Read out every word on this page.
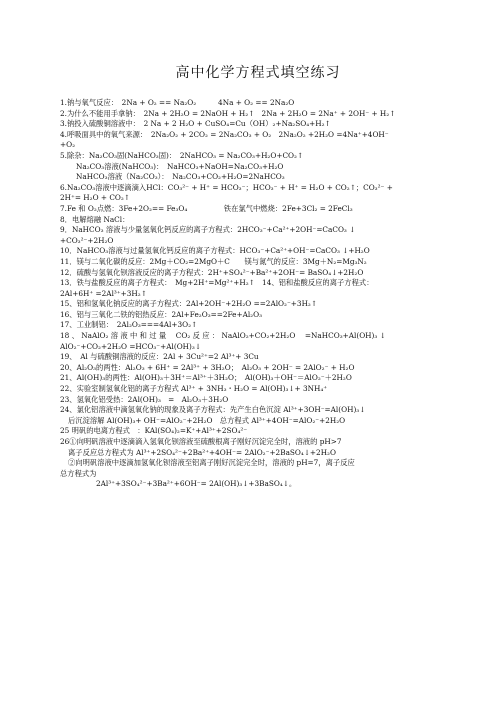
高中化学方程式填空练习
1.钠与氧气反应：　2Na + O₂ == Na₂O₂　　　4Na + O₂ == 2Na₂O
2.为什么不能用手拿钠：　2Na + 2H₂O = 2NaOH + H₂↑　2Na + 2H₂O = 2Na⁺ + 2OH⁻ + H₂↑
3.钠投入硫酸铜溶液中：　2 Na + 2 H₂O + CuSO₄=Cu（OH）₂+Na₂SO₄+H₂↑
4.呼吸面具中的氧气来源：　2Na₂O₂ + 2CO₂ = 2Na₂CO₃ + O₂　2Na₂O₂ +2H₂O =4Na⁺+4OH⁻
+O₂
5.除杂：Na₂CO₃固(NaHCO₃固)：　2NaHCO₃ = Na₂CO₃+H₂O+CO₂↑
Na₂CO₃溶液(NaHCO₃)：　NaHCO₃+NaOH=Na₂CO₃+H₂O
NaHCO₃溶液（Na₂CO₃）：　Na₂CO₃+CO₂+H₂O=2NaHCO₃
6.Na₂CO₃溶液中逐滴滴入HCl：CO₃²⁻ + H⁺ = HCO₃⁻；HCO₃⁻ + H⁺ = H₂O + CO₂↑；CO₃²⁻ +
2H⁺= H₂O + CO₂↑
7.Fe 和 O₂点燃：3Fe+2O₂== Fe₃O₄　　　　　铁在氯气中燃烧：2Fe+3Cl₂ = 2FeCl₃
8．电解熔融 NaCl：
9．NaHCO₃ 溶液与少量氢氧化钙反应的离子方程式：2HCO₃⁻+Ca²⁺+2OH⁻=CaCO₃ ↓
+CO₃²⁻+2H₂O
10．NaHCO₃溶液与过量氢氧化钙反应的离子方程式：HCO₃⁻+Ca²⁺+OH⁻=CaCO₃ ↓+H₂O
11．镁与二氧化碳的反应：2Mg＋CO₂=2MgO＋C　　镁与氮气的反应：3Mg＋N₂=Mg₃N₂
12．硫酸与氢氧化钡溶液反应的离子方程式：2H⁺+SO₄²⁻+Ba²⁺+2OH⁻= BaSO₄↓+2H₂O
13．铁与盐酸反应的离子方程式：　Mg+2H⁺=Mg²⁺+H₂↑　14、铝和盐酸反应的离子方程式：
2Al+6H⁺ =2Al³⁺+3H₂↑
15、铝和氢氧化钠反应的离子方程式：2Al+2OH⁻+2H₂O ==2AlO₂⁻+3H₂↑
16、铝与三氧化二铁的铝热反应：2Al+Fe₂O₃==2Fe+Al₂O₃
17、工业制铝：　2Al₂O₃===4Al+3O₂↑
18 、 NaAlO₂ 溶 液 中 和 过 量 　CO₂ 反 应 ： NaAlO₂+CO₂+2H₂O 　=NaHCO₃+Al(OH)₃ ↓
AlO₂⁻+CO₂+2H₂O =HCO₃⁻+Al(OH)₃↓
19、　Al 与硫酸铜溶液的反应：2Al + 3Cu²⁺=2 Al³⁺+ 3Cu
20、Al₂O₃的两性：Al₂O₃ + 6H⁺ = 2Al³⁺ + 3H₂O；　Al₂O₃ + 2OH⁻ = 2AlO₂⁻ + H₂O
21、Al(OH)₃的两性：Al(OH)₃＋3H⁺＝Al³⁺＋3H₂O；　Al(OH)₃＋OH⁻＝AlO₂⁻＋2H₂O
22、实验室制氢氧化铝的离子方程式 Al³⁺ + 3NH₃・H₂O = Al(OH)₃↓+ 3NH₄⁺
23、氢氧化铝受热：2Al(OH)₃　=　Al₂O₃＋3H₂O
24、氯化铝溶液中滴氢氧化钠的现象及离子方程式：先产生白色沉淀 Al³⁺+3OH⁻=Al(OH)₃↓
后沉淀溶解 Al(OH)₃+ OH⁻=AlO₂⁻+2H₂O　总方程式 Al³⁺+4OH⁻=AlO₂⁻+2H₂O
25 明矾的电离方程式　：KAl(SO₄)₂=K⁺+Al³⁺+2SO₄²⁻
26①向明矾溶液中逐滴滴入氢氧化钡溶液至硫酸根离子刚好沉淀完全时，溶液的 pH>7
离子反应总方程式为 Al³⁺+2SO₄²⁻+2Ba²⁺+4OH⁻= 2AlO₂⁻+2BaSO₄↓+2H₂O
②向明矾溶液中逐滴加氢氧化钡溶液至铝离子刚好沉淀完全时，溶液的 pH=7，离子反应
总方程式为
2Al³⁺+3SO₄²⁻+3Ba²⁺+6OH⁻= 2Al(OH)₃↓+3BaSO₄↓。
